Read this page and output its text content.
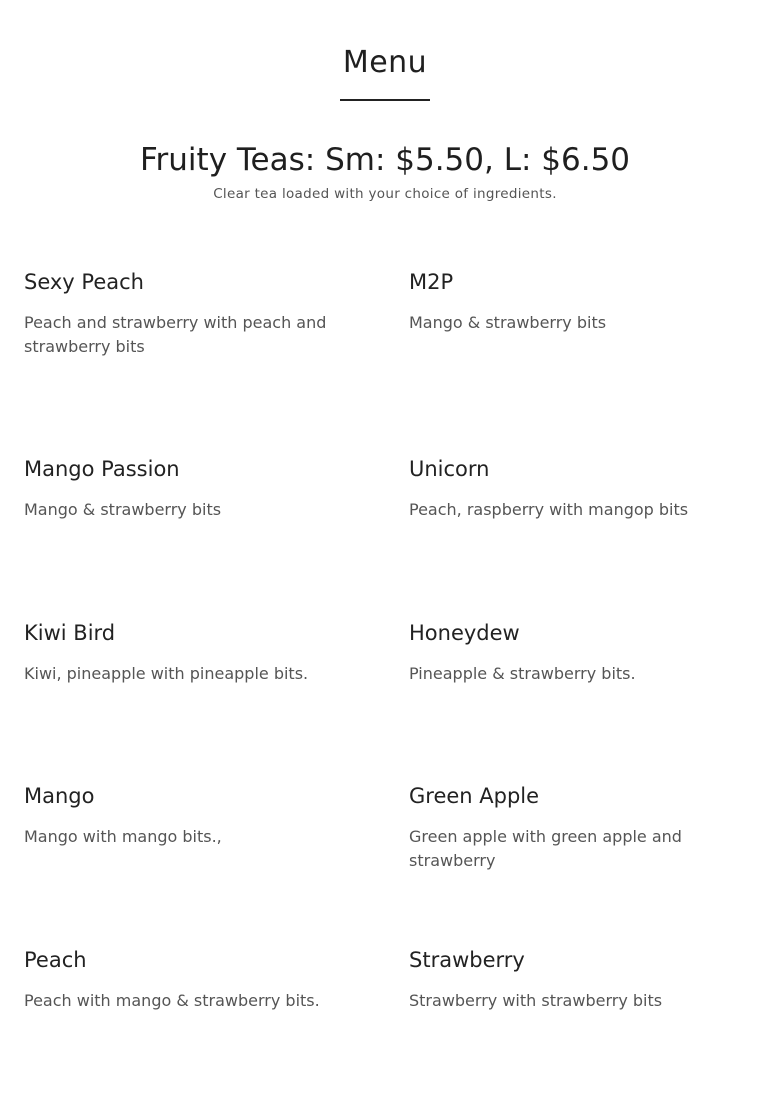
Menu
Fruity Teas: Sm: $5.50, L: $6.50

Clear tea loaded with your choice of ingredients.

Sexy Peach
Peach and strawberry with peach and strawberry bits
M2P
Mango & strawberry bits
Mango Passion
Mango & strawberry bits
Unicorn
Peach, raspberry with mangop bits
Kiwi Bird
Kiwi, pineapple with pineapple bits.
Honeydew
Pineapple & strawberry bits.
Mango
Mango with mango bits.,
Green Apple
Green apple with green apple and strawberry
Peach
Peach with mango & strawberry bits.
Strawberry
Strawberry with strawberry bits
